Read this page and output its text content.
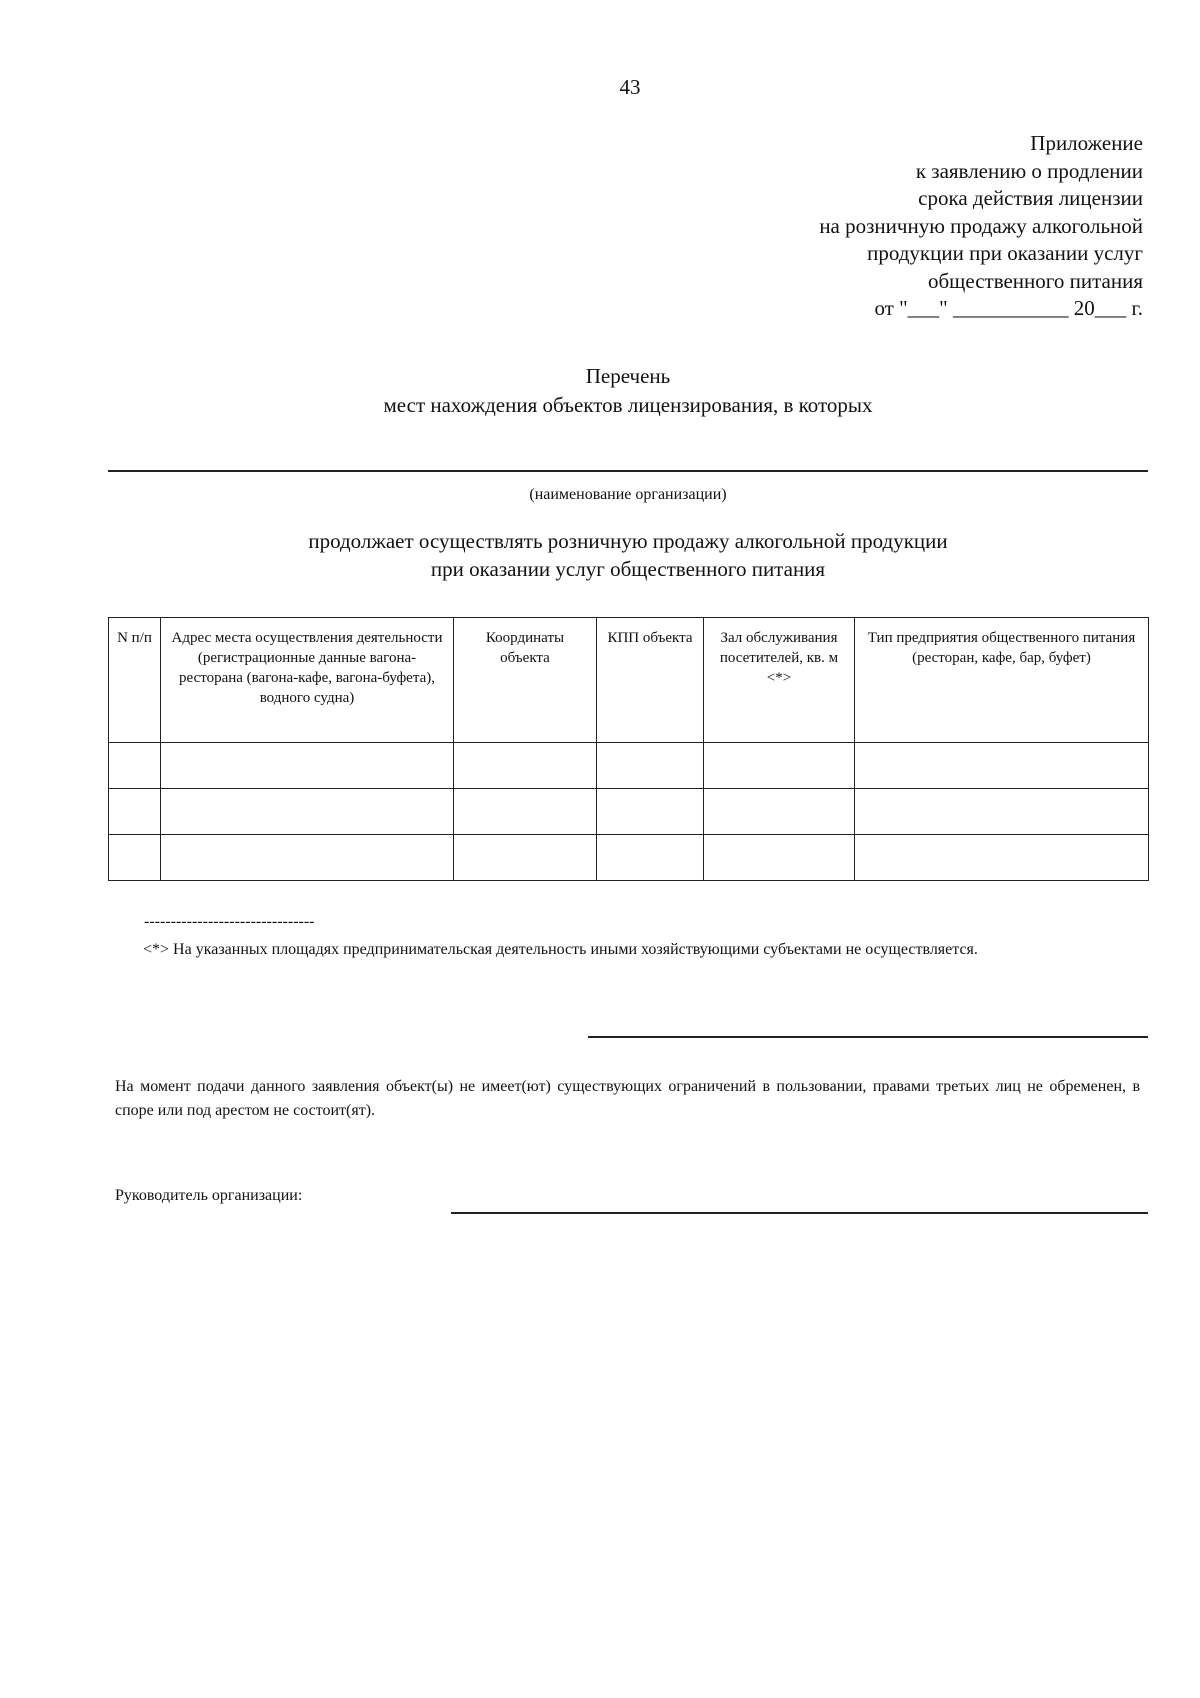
43
Приложение
к заявлению о продлении
срока действия лицензии
на розничную продажу алкогольной
продукции при оказании услуг
общественного питания
от "___" ___________ 20___ г.
Перечень
мест нахождения объектов лицензирования, в которых
(наименование организации)
продолжает осуществлять розничную продажу алкогольной продукции
при оказании услуг общественного питания
N п/п	Адрес места осуществления деятельности (регистрационные данные вагона-ресторана (вагона-кафе, вагона-буфета), водного судна)	Координаты объекта	КПП объекта	Зал обслуживания посетителей, кв. м <*>	Тип предприятия общественного питания (ресторан, кафе, бар, буфет)

--------------------------------
<*> На указанных площадях предпринимательская деятельность иными хозяйствующими субъектами не осуществляется.
На момент подачи данного заявления объект(ы) не имеет(ют) существующих ограничений в пользовании, правами третьих лиц не обременен, в споре или под арестом не состоит(ят).
Руководитель организации:
